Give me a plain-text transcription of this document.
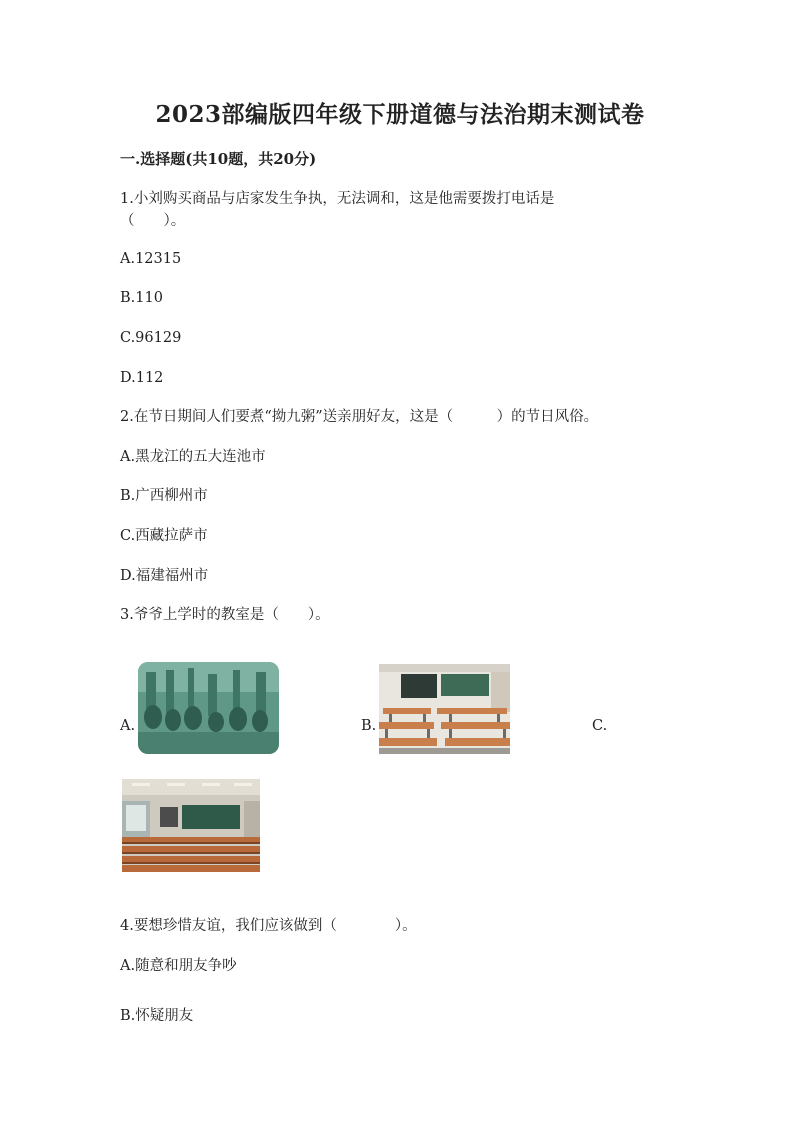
2023部编版四年级下册道德与法治期末测试卷
一.选择题(共10题，共20分)
1.小刘购买商品与店家发生争执，无法调和，这是他需要拨打电话是
（　　）。
A.12315
B.110
C.96129
D.112
2.在节日期间人们要煮“拗九粥”送亲朋好友，这是（　　　）的节日风俗。
A.黑龙江的五大连池市
B.广西柳州市
C.西藏拉萨市
D.福建福州市
3.爷爷上学时的教室是（　　）。
A.	B.	C.
4.要想珍惜友谊，我们应该做到（　　　　）。
A.随意和朋友争吵
B.怀疑朋友
